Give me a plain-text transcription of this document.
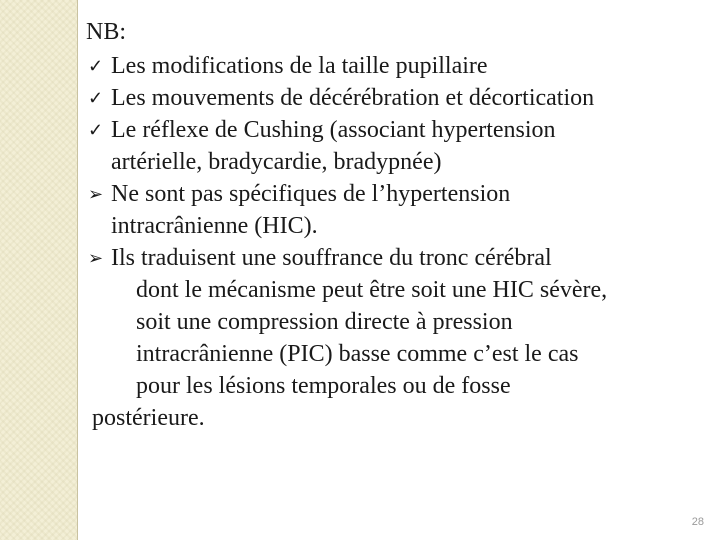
NB:
✓ Les modifications de la taille pupillaire
✓ Les mouvements de décérébration et décortication
✓ Le réflexe de Cushing (associant hypertension
artérielle, bradycardie, bradypnée)
➢ Ne sont pas spécifiques de l’hypertension
intracrânienne (HIC).
➢ Ils traduisent une souffrance du tronc cérébral
dont le mécanisme peut être soit une HIC sévère,
soit une compression directe à pression
intracrânienne (PIC) basse comme c’est le cas
pour les lésions temporales ou de fosse
postérieure.
28
